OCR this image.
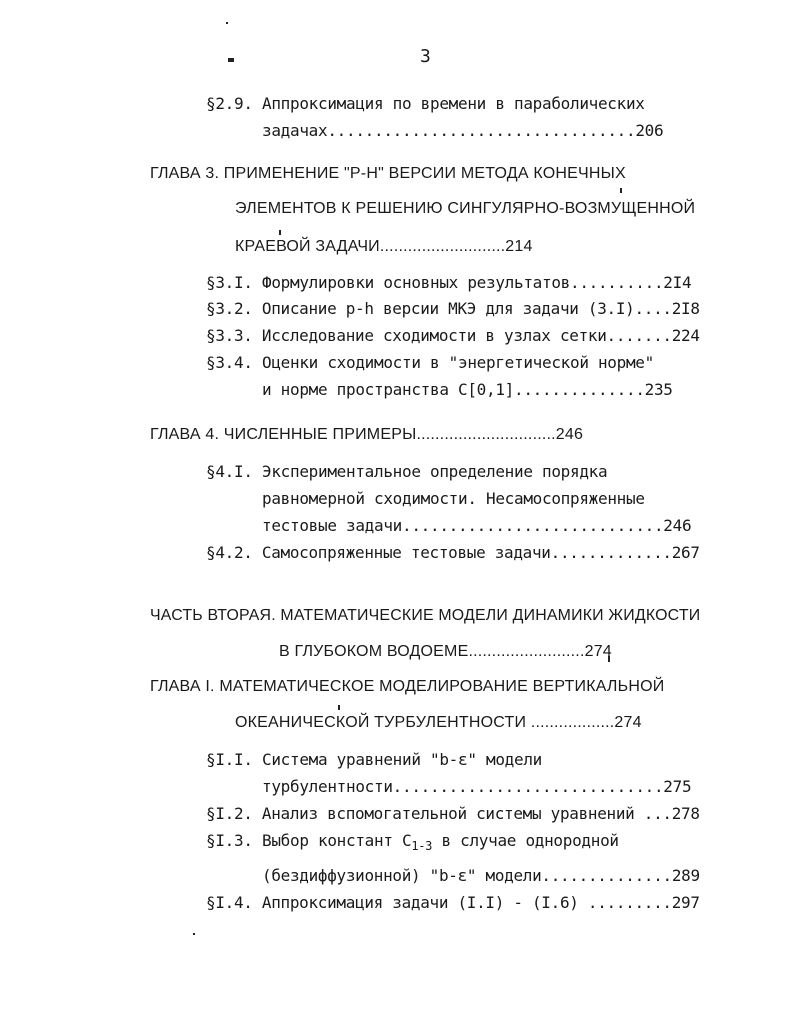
3
§2.9. Аппроксимация по времени в параболических
задачах.................................206
ГЛАВА 3. ПРИМЕНЕНИЕ "Р-Н" ВЕРСИИ МЕТОДА КОНЕЧНЫХ
ЭЛЕМЕНТОВ К РЕШЕНИЮ СИНГУЛЯРНО-ВОЗМУЩЕННОЙ
КРАЕВОЙ ЗАДАЧИ...........................214
§3.I. Формулировки основных результатов..........2I4
§3.2. Описание p-h версии МКЭ для задачи (3.I)....2I8
§3.3. Исследование сходимости в узлах сетки.......224
§3.4. Оценки сходимости в "энергетической норме"
и норме пространства C[0,1]..............235
ГЛАВА 4. ЧИСЛЕННЫЕ ПРИМЕРЫ..............................246
§4.I. Экспериментальное определение порядка
равномерной сходимости. Несамосопряженные
тестовые задачи............................246
§4.2. Самосопряженные тестовые задачи.............267
ЧАСТЬ ВТОРАЯ. МАТЕМАТИЧЕСКИЕ МОДЕЛИ ДИНАМИКИ ЖИДКОСТИ
В ГЛУБОКОМ ВОДОЕМЕ.........................274
ГЛАВА I. МАТЕМАТИЧЕСКОЕ МОДЕЛИРОВАНИЕ ВЕРТИКАЛЬНОЙ
ОКЕАНИЧЕСКОЙ ТУРБУЛЕНТНОСТИ ..................274
§I.I. Система уравнений "b-ε" модели
турбулентности.............................275
§I.2. Анализ вспомогательной системы уравнений ...278
§I.3. Выбор констант $C_{1-3}$ в случае однородной
(бездиффузионной) "b-ε" модели..............289
§I.4. Аппроксимация задачи (I.I) - (I.6) .........297
